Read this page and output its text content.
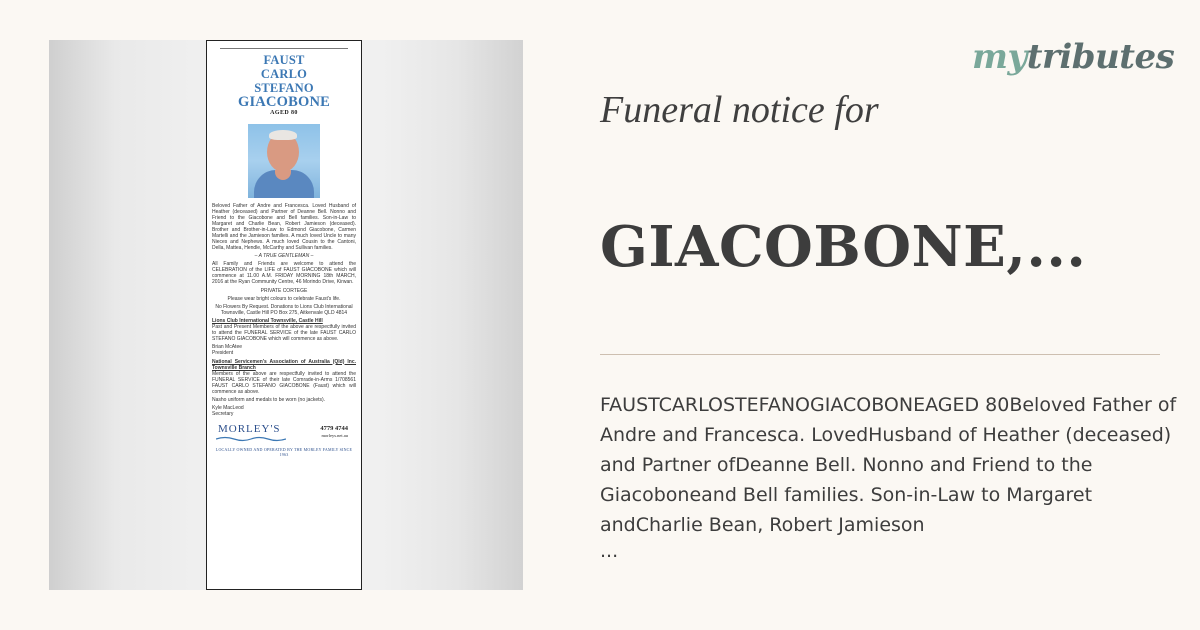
FAUST
CARLO
STEFANO
GIACOBONE
AGED 80

Beloved Father of Andre and Francesca. Loved Husband of Heather (deceased) and Partner of Deanne Bell. Nonno and Friend to the Giacobone and Bell families. Son-in-Law to Margaret and Charlie Bean, Robert Jamieson (deceased). Brother and Brother-in-Law to Edmond Giacobone, Carmen Martelli and the Jamieson families. A much loved Uncle to many Nieces and Nephews. A much loved Cousin to the Cantoni, Della, Mattea, Hendle, McCarthy and Sullivan families.

– A TRUE GENTLEMAN –

All Family and Friends are welcome to attend the CELEBRATION of the LIFE of FAUST GIACOBONE which will commence at 11.00 A.M. FRIDAY MORNING 18th MARCH, 2016 at the Ryan Community Centre, 46 Morindo Drive, Kirwan.

PRIVATE CORTEGE

Please wear bright colours to celebrate Faust's life.

No Flowers By Request. Donations to Lions Club International Townsville, Castle Hill PO Box 275, Aitkenvale QLD 4814

Lions Club International Townsville, Castle Hill

Past and Present Members of the above are respectfully invited to attend the FUNERAL SERVICE of the late FAUST CARLO STEFANO GIACOBONE which will commence as above.

Brian McAtee

President

National Servicemen's Association of Australia (Qld) Inc. Townsville Branch

Members of the above are respectfully invited to attend the FUNERAL SERVICE of their late Comrade-in-Arms 1/708561 FAUST CARLO STEFANO GIACOBONE (Faust) which will commence as above.

Nasho uniform and medals to be worn (no jackets).

Kyle MacLeod

Secretary

MORLEY'S	4779 4744
morleys.net.au
LOCALLY OWNED AND OPERATED BY THE MORLEY FAMILY SINCE 1963
mytributes
Funeral notice for
GIACOBONE,...
FAUSTCARLOSTEFANOGIACOBONEAGED 80Beloved Father of Andre and Francesca. LovedHusband of Heather (deceased) and Partner ofDeanne Bell. Nonno and Friend to the Giacoboneand Bell families. Son-in-Law to Margaret andCharlie Bean, Robert Jamieson
...
